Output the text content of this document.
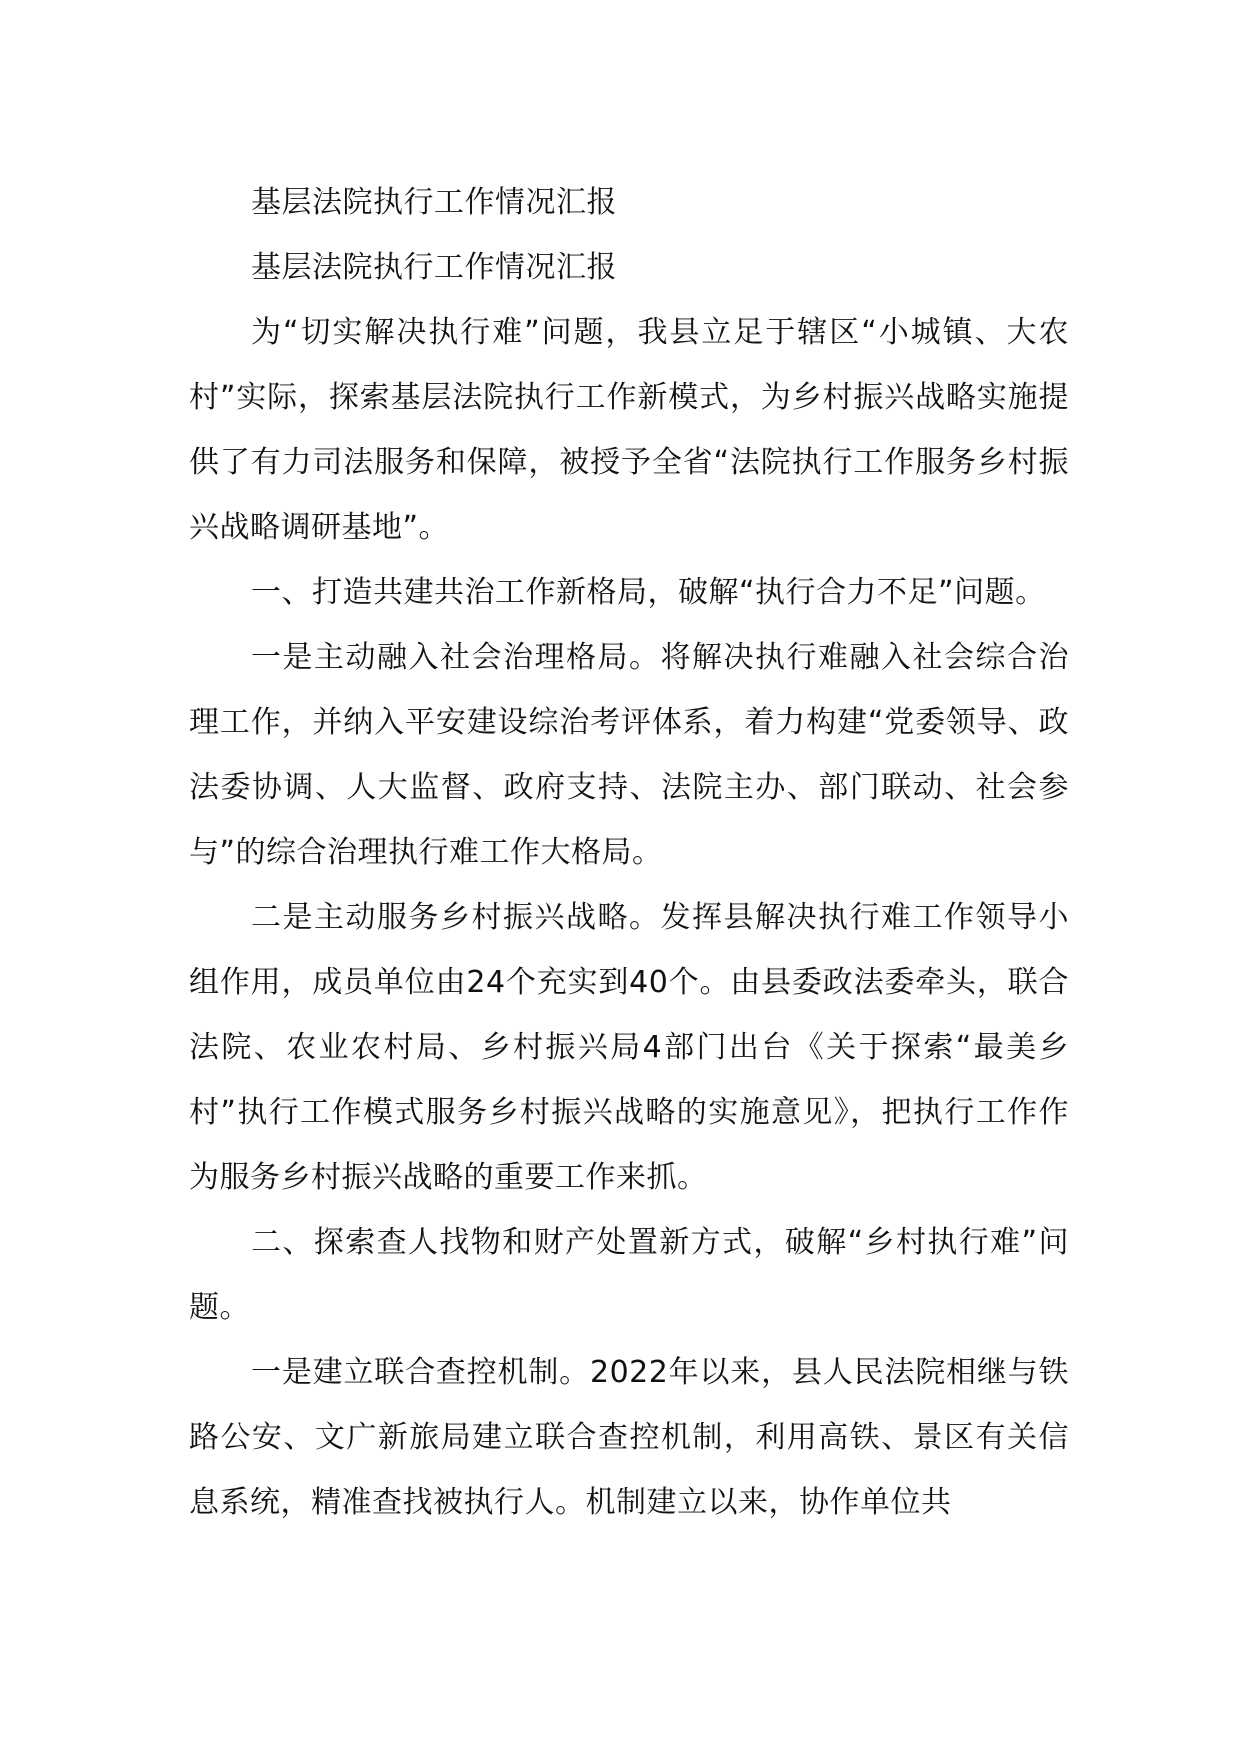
基层法院执行工作情况汇报

基层法院执行工作情况汇报

为“切实解决执行难”问题，我县立足于辖区“小城镇、大农村”实际，探索基层法院执行工作新模式，为乡村振兴战略实施提供了有力司法服务和保障，被授予全省“法院执行工作服务乡村振兴战略调研基地”。

一、打造共建共治工作新格局，破解“执行合力不足”问题。

一是主动融入社会治理格局。将解决执行难融入社会综合治理工作，并纳入平安建设综治考评体系，着力构建“党委领导、政法委协调、人大监督、政府支持、法院主办、部门联动、社会参与”的综合治理执行难工作大格局。

二是主动服务乡村振兴战略。发挥县解决执行难工作领导小组作用，成员单位由24个充实到40个。由县委政法委牵头，联合法院、农业农村局、乡村振兴局4部门出台《关于探索“最美乡村”执行工作模式服务乡村振兴战略的实施意见》，把执行工作作为服务乡村振兴战略的重要工作来抓。

二、探索查人找物和财产处置新方式，破解“乡村执行难”问题。

一是建立联合查控机制。2022年以来，县人民法院相继与铁路公安、文广新旅局建立联合查控机制，利用高铁、景区有关信息系统，精准查找被执行人。机制建立以来，协作单位共
